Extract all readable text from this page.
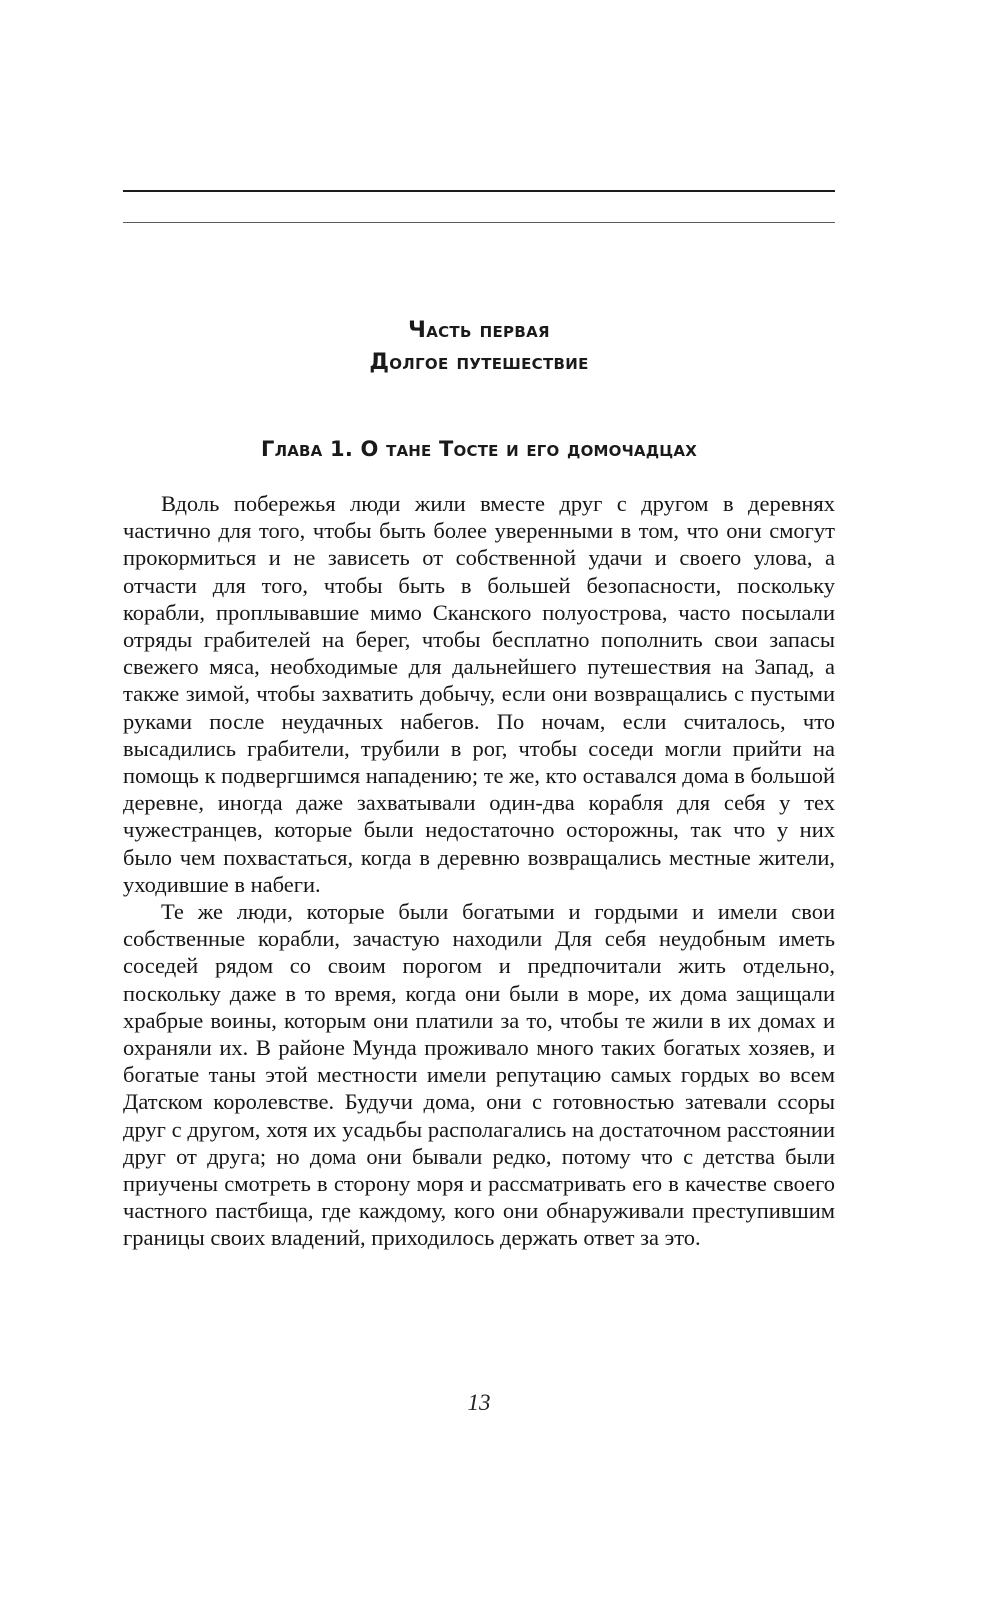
Часть первая
Долгое путешествие
Глава 1. О тане Тосте и его домочадцах

Вдоль побережья люди жили вместе друг с другом в деревнях частично для того, чтобы быть более уверенными в том, что они смогут прокормиться и не зависеть от собственной удачи и своего улова, а отчасти для того, чтобы быть в большей безопасности, поскольку корабли, проплывавшие мимо Сканского полуострова, часто посылали отряды грабителей на берег, чтобы бесплатно пополнить свои запасы свежего мяса, необходимые для дальнейшего путешествия на Запад, а также зимой, чтобы захватить добычу, если они возвращались с пустыми руками после неудачных набегов. По ночам, если считалось, что высадились грабители, трубили в рог, чтобы соседи могли прийти на помощь к подвергшимся нападению; те же, кто оставался дома в большой деревне, иногда даже захватывали один-два корабля для себя у тех чужестранцев, которые были недостаточно осторожны, так что у них было чем похвастаться, когда в деревню возвращались местные жители, уходившие в набеги.

Те же люди, которые были богатыми и гордыми и имели свои собственные корабли, зачастую находили Для себя неудобным иметь соседей рядом со своим порогом и предпочитали жить отдельно, поскольку даже в то время, когда они были в море, их дома защищали храбрые воины, которым они платили за то, чтобы те жили в их домах и охраняли их. В районе Мунда проживало много таких богатых хозяев, и богатые таны этой местности имели репутацию самых гордых во всем Датском королевстве. Будучи дома, они с готовностью затевали ссоры друг с другом, хотя их усадьбы располагались на достаточном расстоянии друг от друга; но дома они бывали редко, потому что с детства были приучены смотреть в сторону моря и рассматривать его в качестве своего частного пастбища, где каждому, кого они обнаруживали преступившим границы своих владений, приходилось держать ответ за это.

13
